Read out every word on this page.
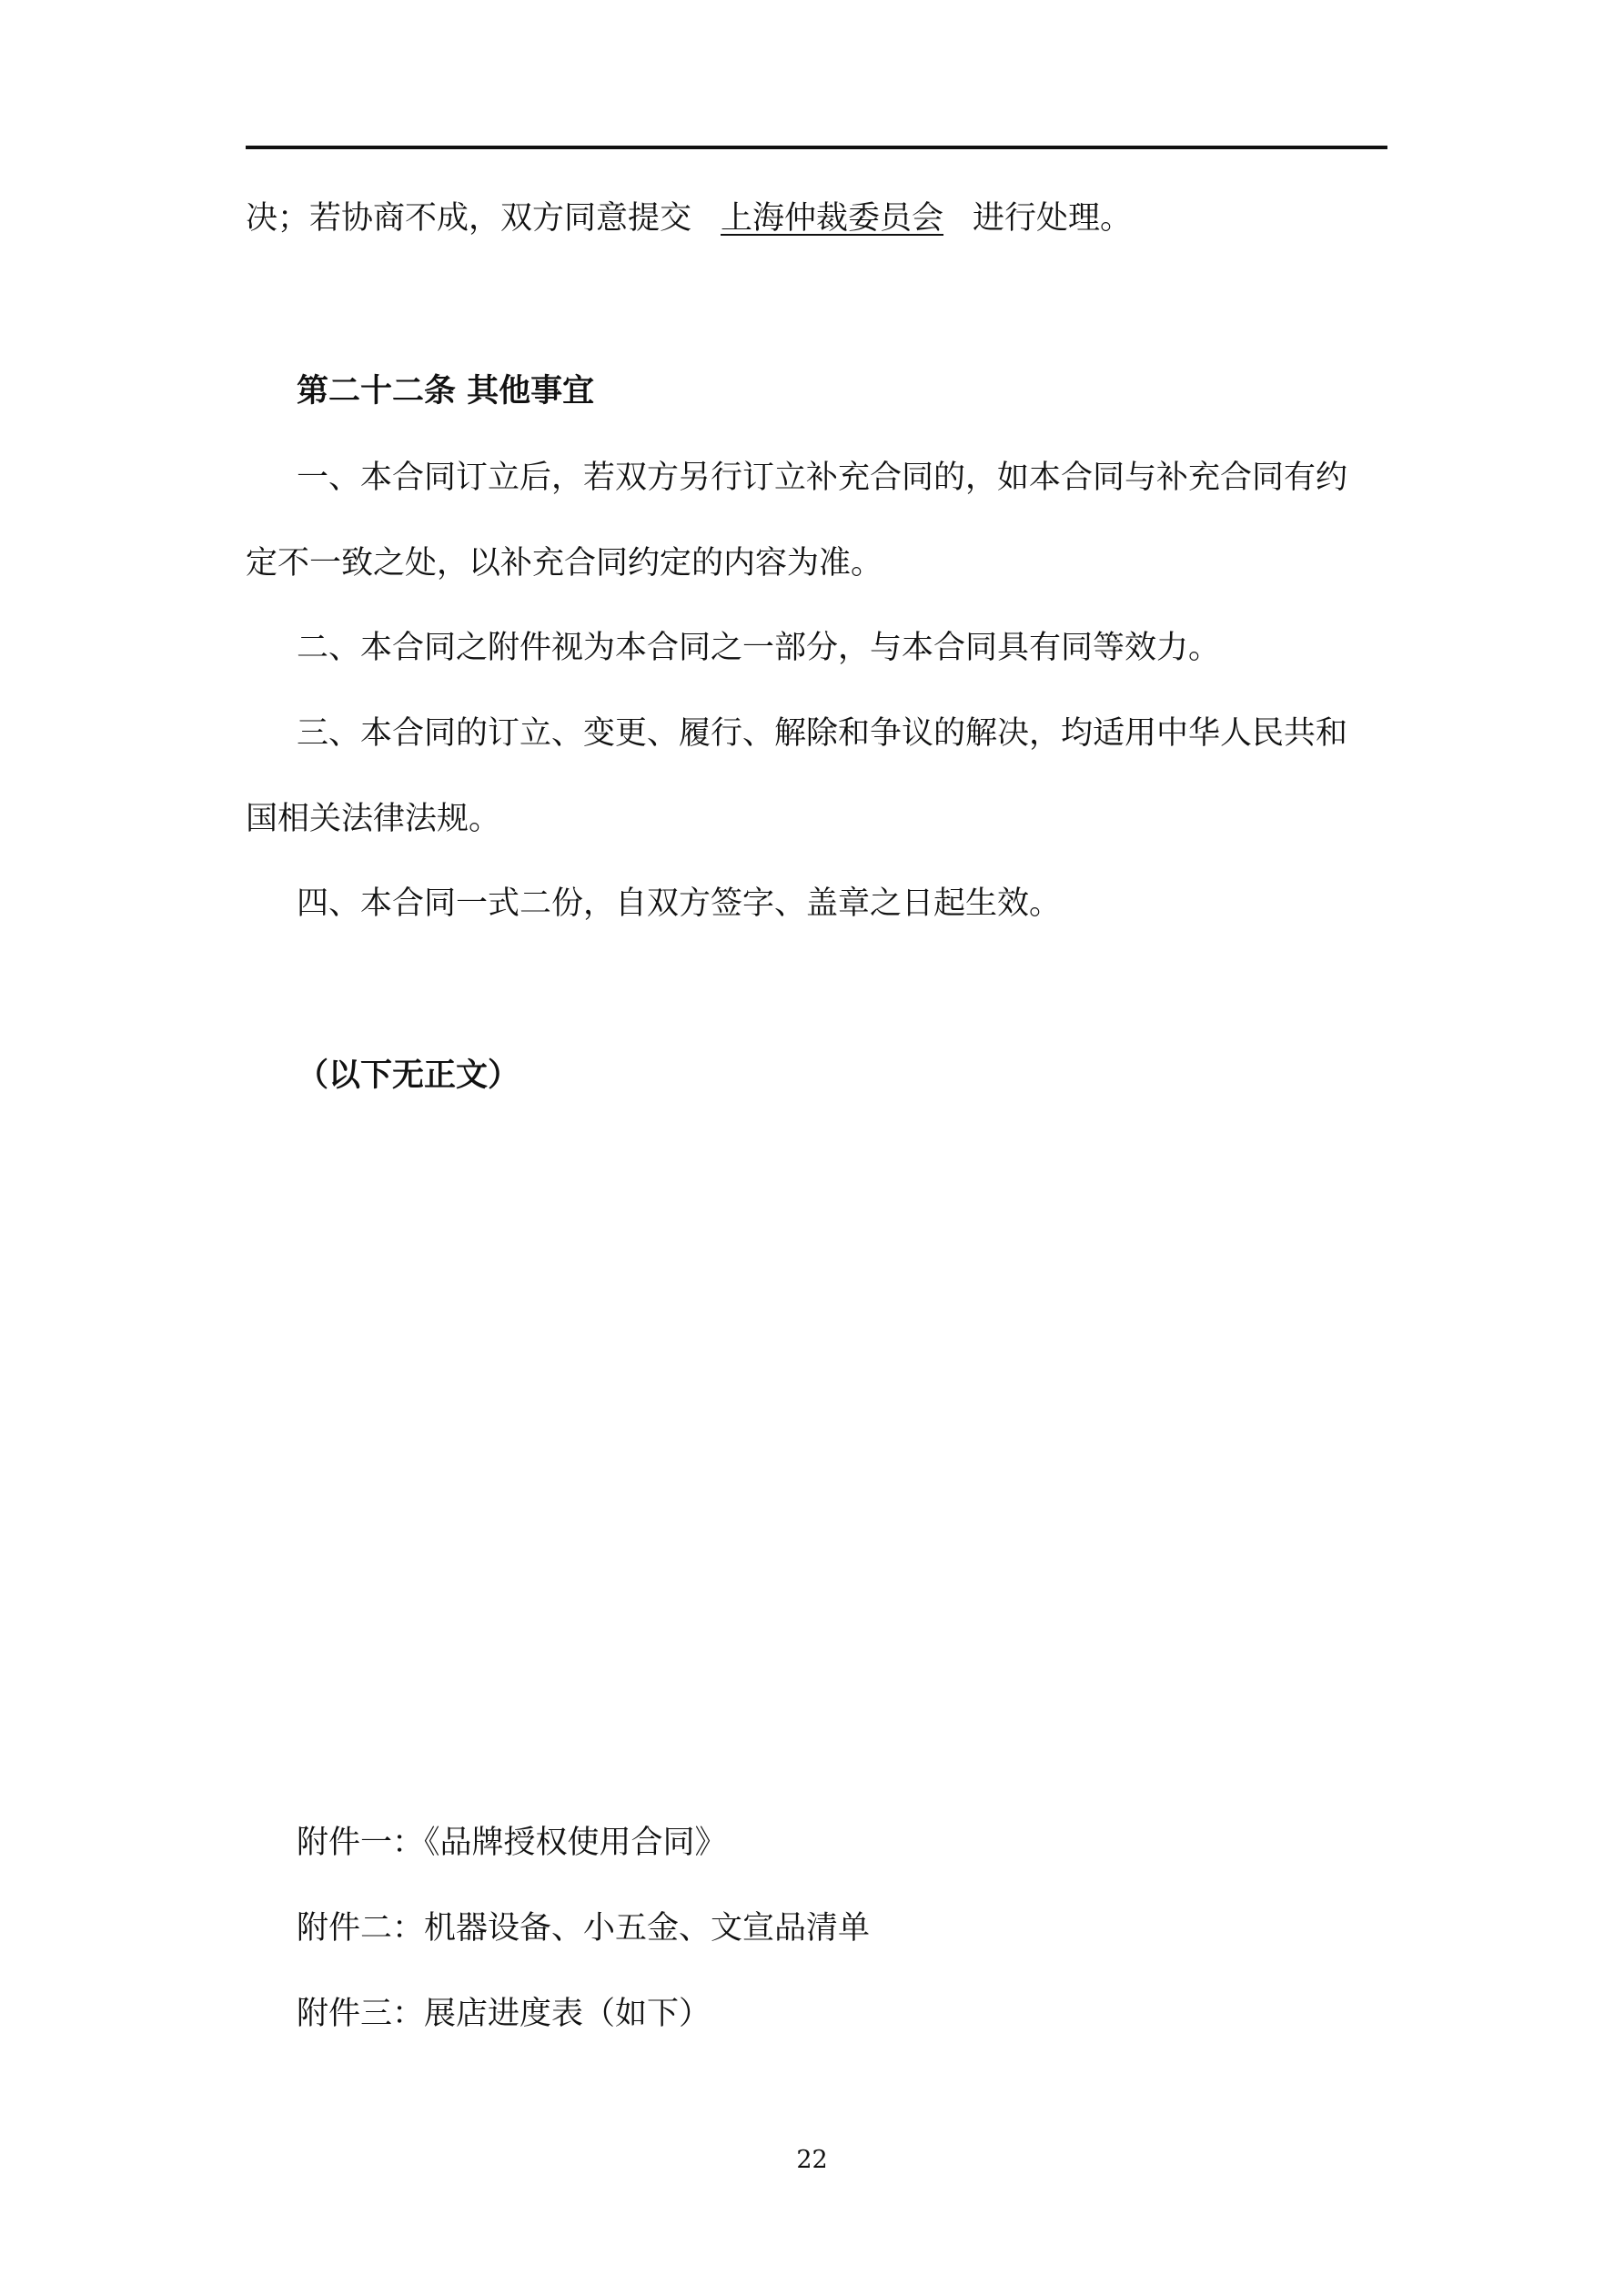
决；若协商不成，双方同意提交 上海仲裁委员会 进行处理。
第二十二条 其他事宜
一、本合同订立后，若双方另行订立补充合同的，如本合同与补充合同有约
定不一致之处，以补充合同约定的内容为准。
二、本合同之附件视为本合同之一部分，与本合同具有同等效力。
三、本合同的订立、变更、履行、解除和争议的解决，均适用中华人民共和
国相关法律法规。
四、本合同一式二份，自双方签字、盖章之日起生效。
（以下无正文）
附件一：《品牌授权使用合同》
附件二：机器设备、小五金、文宣品清单
附件三：展店进度表（如下）
22
